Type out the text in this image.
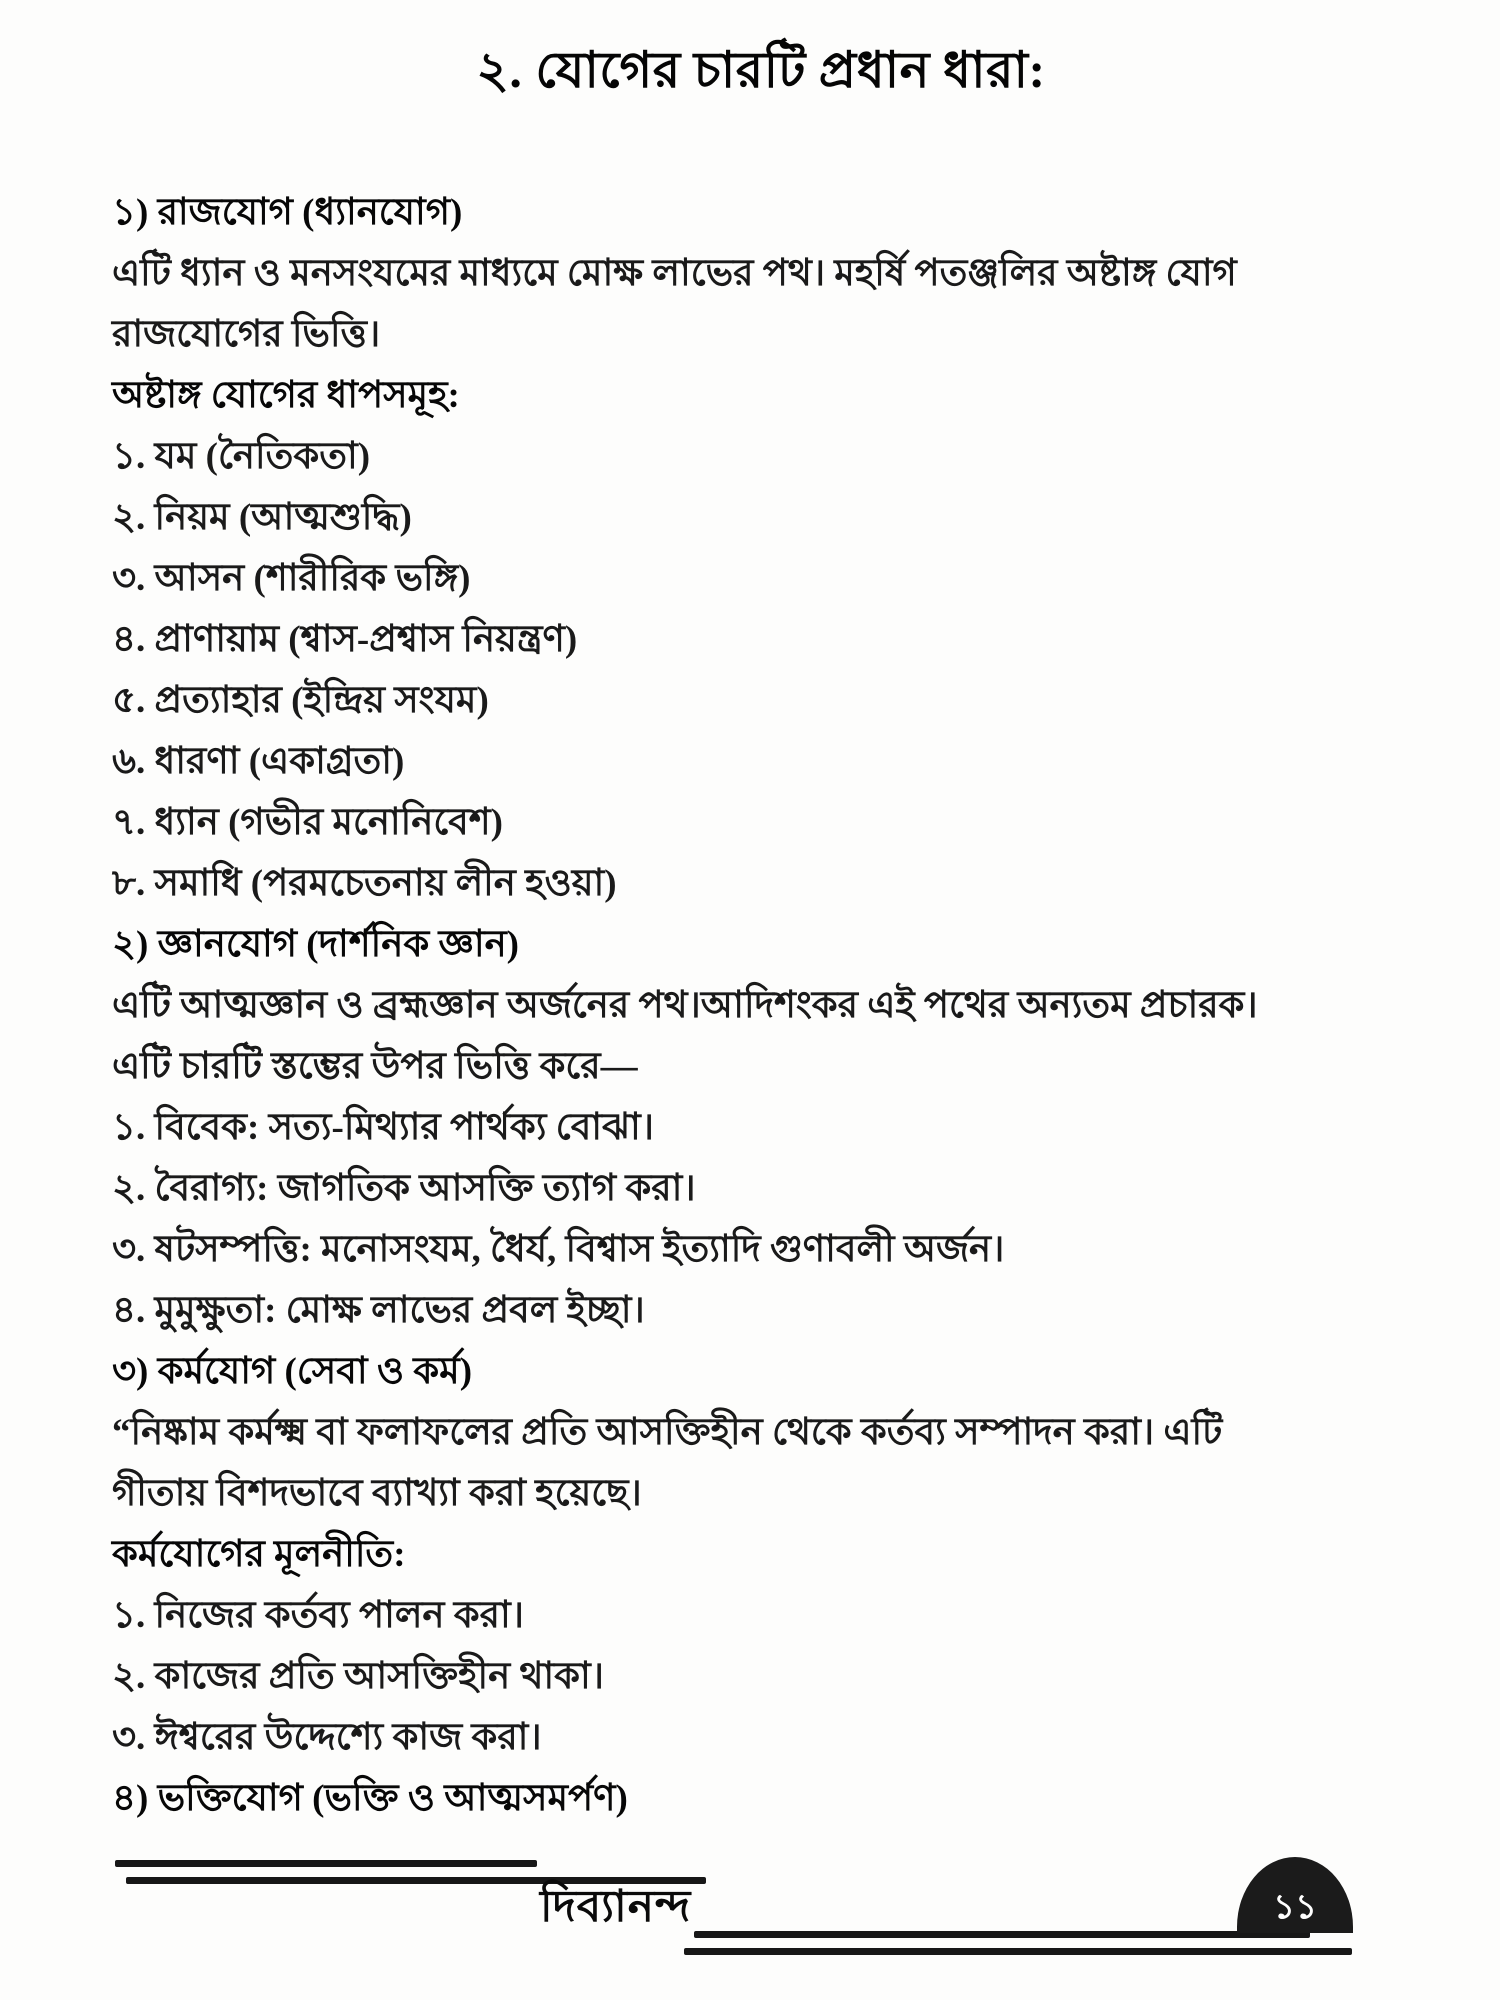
২. যোগের চারটি প্রধান ধারা:
১) রাজযোগ (ধ্যানযোগ)
এটি ধ্যান ও মনসংযমের মাধ্যমে মোক্ষ লাভের পথ। মহর্ষি পতঞ্জলির অষ্টাঙ্গ যোগ
রাজযোগের ভিত্তি।
অষ্টাঙ্গ যোগের ধাপসমূহ:
১. যম (নৈতিকতা)
২. নিয়ম (আত্মশুদ্ধি)
৩. আসন (শারীরিক ভঙ্গি)
৪. প্রাণায়াম (শ্বাস-প্রশ্বাস নিয়ন্ত্রণ)
৫. প্রত্যাহার (ইন্দ্রিয় সংযম)
৬. ধারণা (একাগ্রতা)
৭. ধ্যান (গভীর মনোনিবেশ)
৮. সমাধি (পরমচেতনায় লীন হওয়া)
২) জ্ঞানযোগ (দার্শনিক জ্ঞান)
এটি আত্মজ্ঞান ও ব্রহ্মজ্ঞান অর্জনের পথ।আদিশংকর এই পথের অন্যতম প্রচারক।
এটি চারটি স্তম্ভের উপর ভিত্তি করে—
১. বিবেক: সত্য-মিথ্যার পার্থক্য বোঝা।
২. বৈরাগ্য: জাগতিক আসক্তি ত্যাগ করা।
৩. ষটসম্পত্তি: মনোসংযম, ধৈর্য, বিশ্বাস ইত্যাদি গুণাবলী অর্জন।
৪. মুমুক্ষুতা: মোক্ষ লাভের প্রবল ইচ্ছা।
৩) কর্মযোগ (সেবা ও কর্ম)
“নিষ্কাম কর্মক্ষ্ম বা ফলাফলের প্রতি আসক্তিহীন থেকে কর্তব্য সম্পাদন করা। এটি
গীতায় বিশদভাবে ব্যাখ্যা করা হয়েছে।
কর্মযোগের মূলনীতি:
১. নিজের কর্তব্য পালন করা।
২. কাজের প্রতি আসক্তিহীন থাকা।
৩. ঈশ্বরের উদ্দেশ্যে কাজ করা।
৪) ভক্তিযোগ (ভক্তি ও আত্মসমর্পণ)
দিব্যানন্দ	১১
